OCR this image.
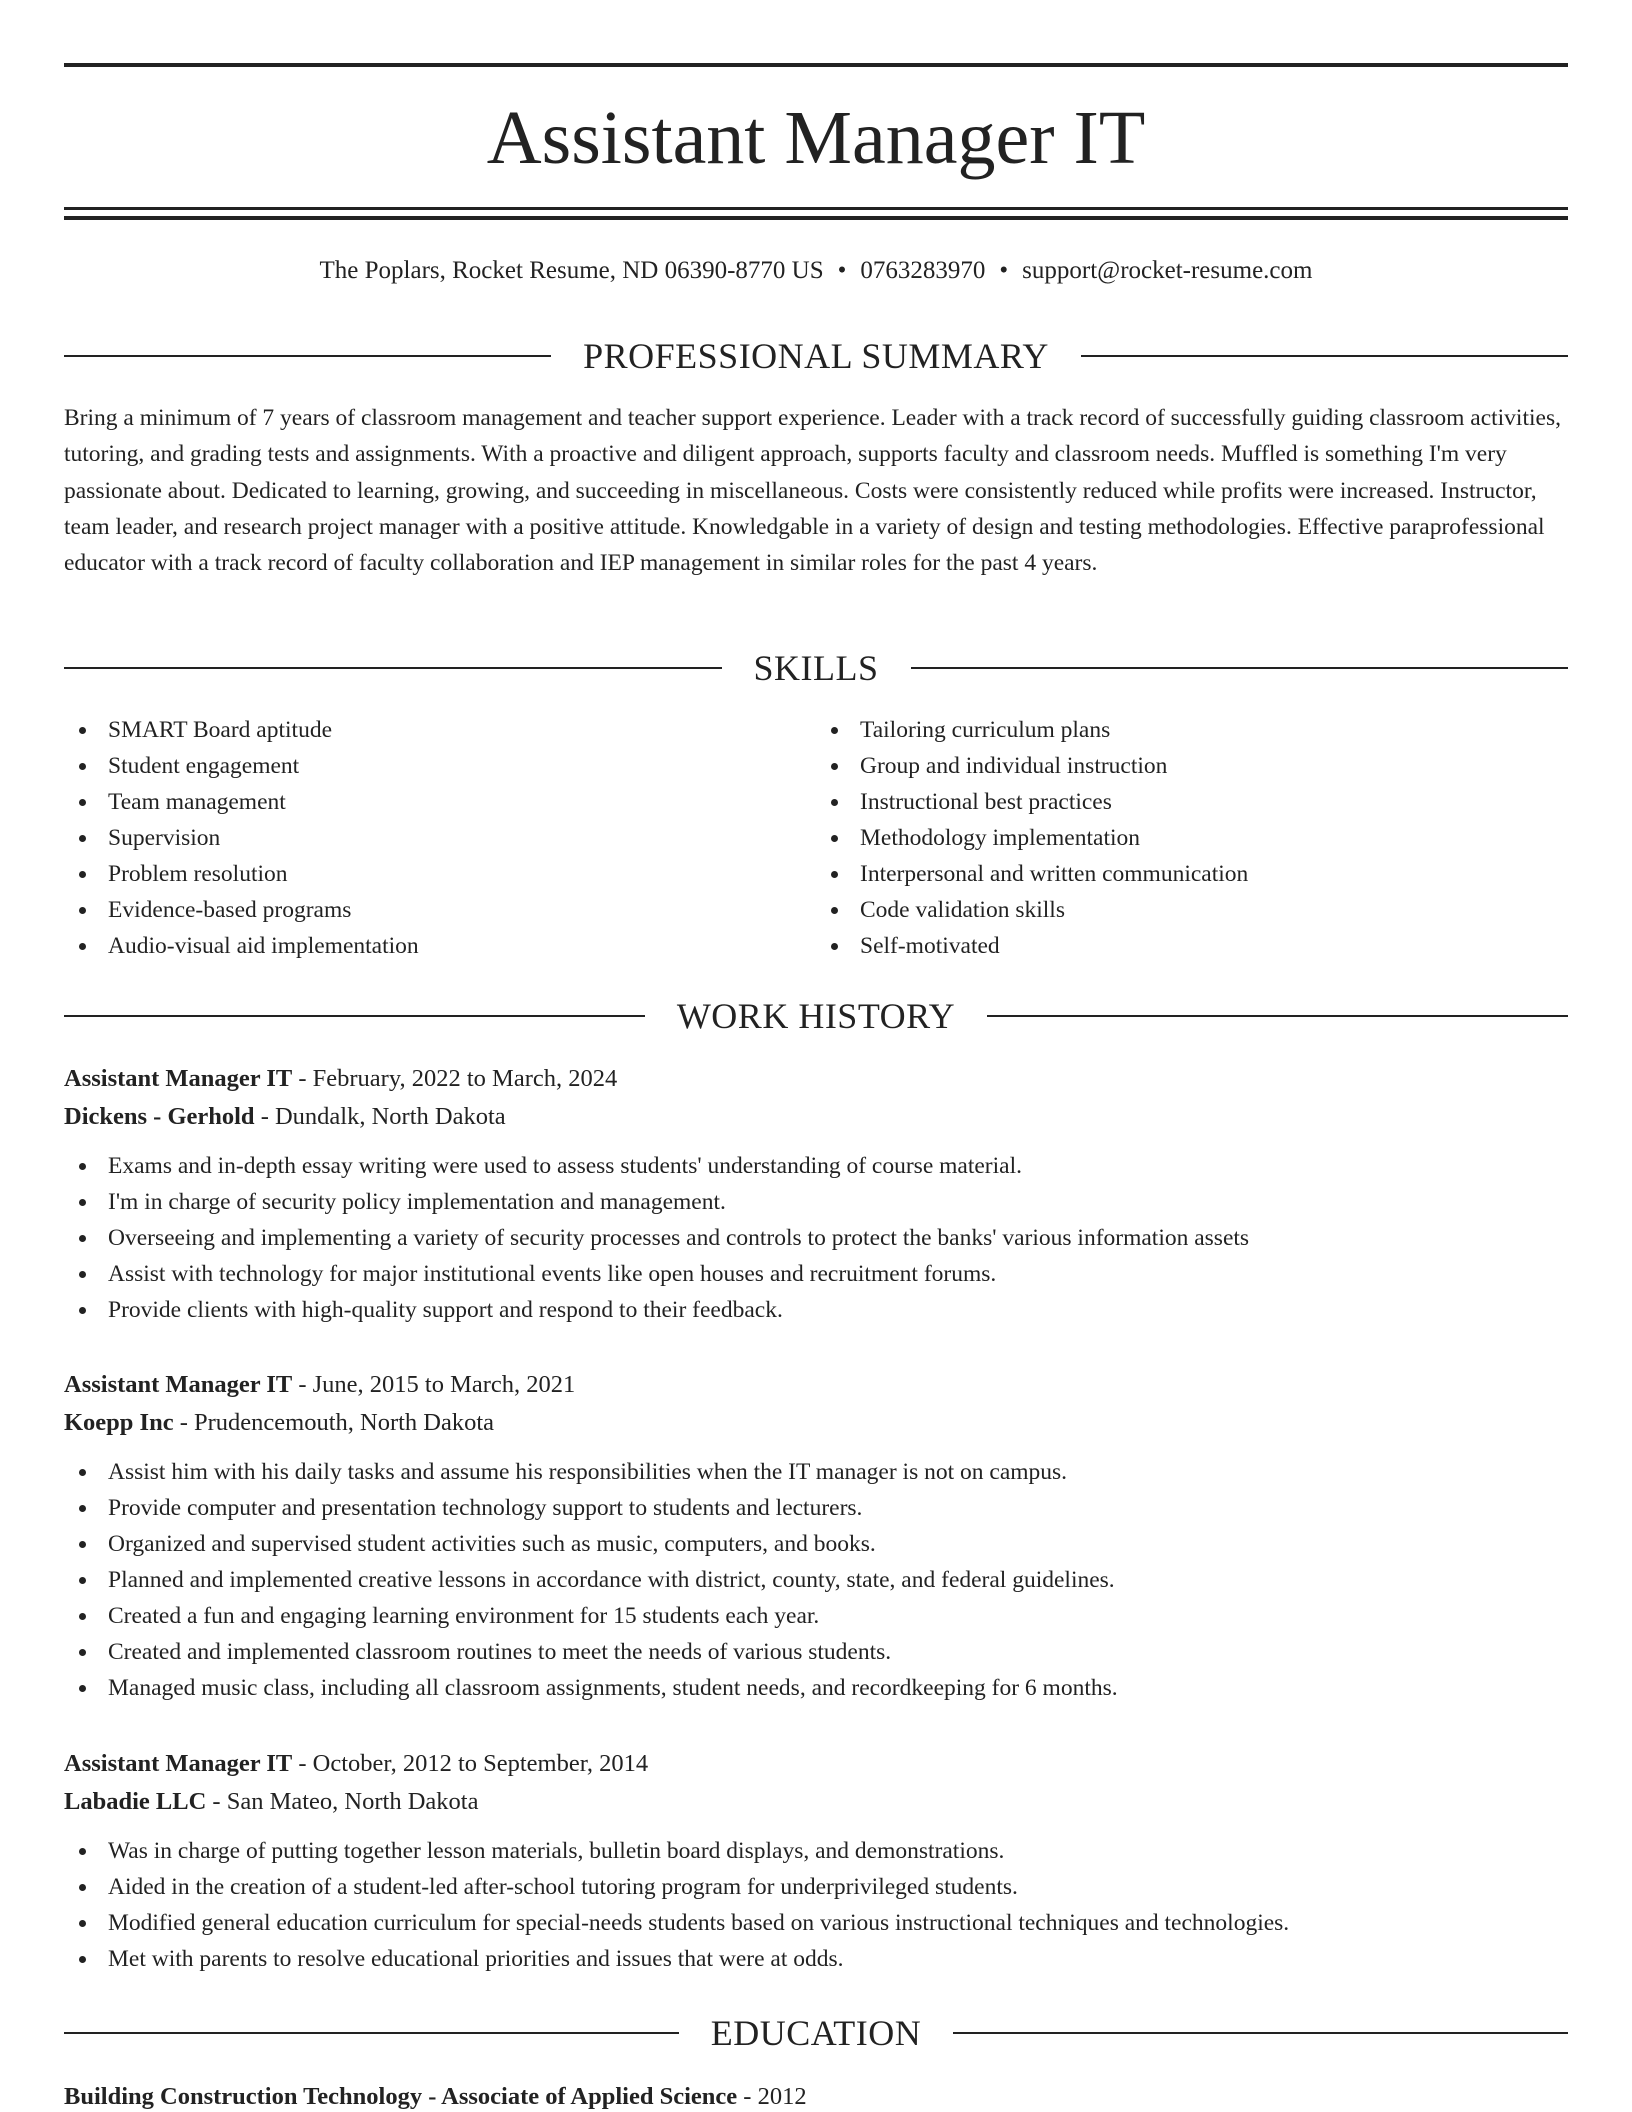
Assistant Manager IT
The Poplars, Rocket Resume, ND 06390-8770 US • 0763283970 • support@rocket-resume.com
PROFESSIONAL SUMMARY

Bring a minimum of 7 years of classroom management and teacher support experience. Leader with a track record of successfully guiding classroom activities, tutoring, and grading tests and assignments. With a proactive and diligent approach, supports faculty and classroom needs. Muffled is something I'm very passionate about. Dedicated to learning, growing, and succeeding in miscellaneous. Costs were consistently reduced while profits were increased. Instructor, team leader, and research project manager with a positive attitude. Knowledgable in a variety of design and testing methodologies. Effective paraprofessional educator with a track record of faculty collaboration and IEP management in similar roles for the past 4 years.

SKILLS
SMART Board aptitude
Student engagement
Team management
Supervision
Problem resolution
Evidence-based programs
Audio-visual aid implementation
Tailoring curriculum plans
Group and individual instruction
Instructional best practices
Methodology implementation
Interpersonal and written communication
Code validation skills
Self-motivated
WORK HISTORY
Assistant Manager IT - February, 2022 to March, 2024
Dickens - Gerhold - Dundalk, North Dakota
Exams and in-depth essay writing were used to assess students' understanding of course material.
I'm in charge of security policy implementation and management.
Overseeing and implementing a variety of security processes and controls to protect the banks' various information assets
Assist with technology for major institutional events like open houses and recruitment forums.
Provide clients with high-quality support and respond to their feedback.
Assistant Manager IT - June, 2015 to March, 2021
Koepp Inc - Prudencemouth, North Dakota
Assist him with his daily tasks and assume his responsibilities when the IT manager is not on campus.
Provide computer and presentation technology support to students and lecturers.
Organized and supervised student activities such as music, computers, and books.
Planned and implemented creative lessons in accordance with district, county, state, and federal guidelines.
Created a fun and engaging learning environment for 15 students each year.
Created and implemented classroom routines to meet the needs of various students.
Managed music class, including all classroom assignments, student needs, and recordkeeping for 6 months.
Assistant Manager IT - October, 2012 to September, 2014
Labadie LLC - San Mateo, North Dakota
Was in charge of putting together lesson materials, bulletin board displays, and demonstrations.
Aided in the creation of a student-led after-school tutoring program for underprivileged students.
Modified general education curriculum for special-needs students based on various instructional techniques and technologies.
Met with parents to resolve educational priorities and issues that were at odds.
EDUCATION
Building Construction Technology - Associate of Applied Science - 2012
